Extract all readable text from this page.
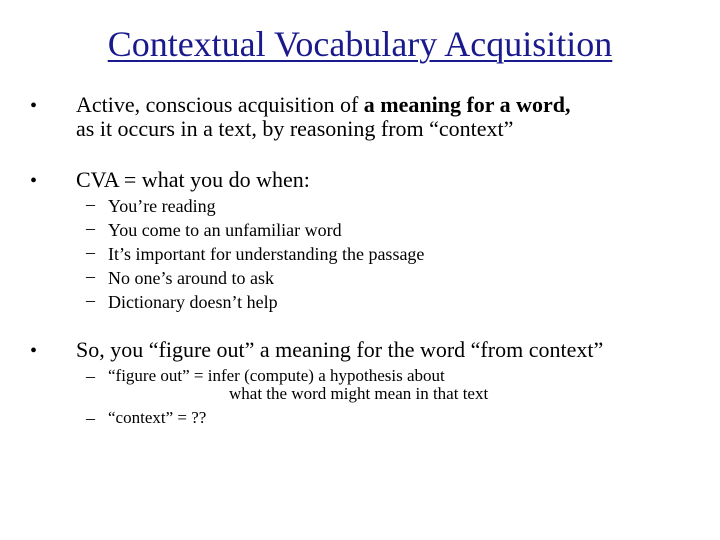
Contextual Vocabulary Acquisition
• Active, conscious acquisition of a meaning for a word,
as it occurs in a text, by reasoning from “context”
• CVA = what you do when:
– You’re reading
– You come to an unfamiliar word
– It’s important for understanding the passage
– No one’s around to ask
– Dictionary doesn’t help
• So, you “figure out” a meaning for the word “from context”
– “figure out” = infer (compute) a hypothesis about
what the word might mean in that text
– “context” = ??
